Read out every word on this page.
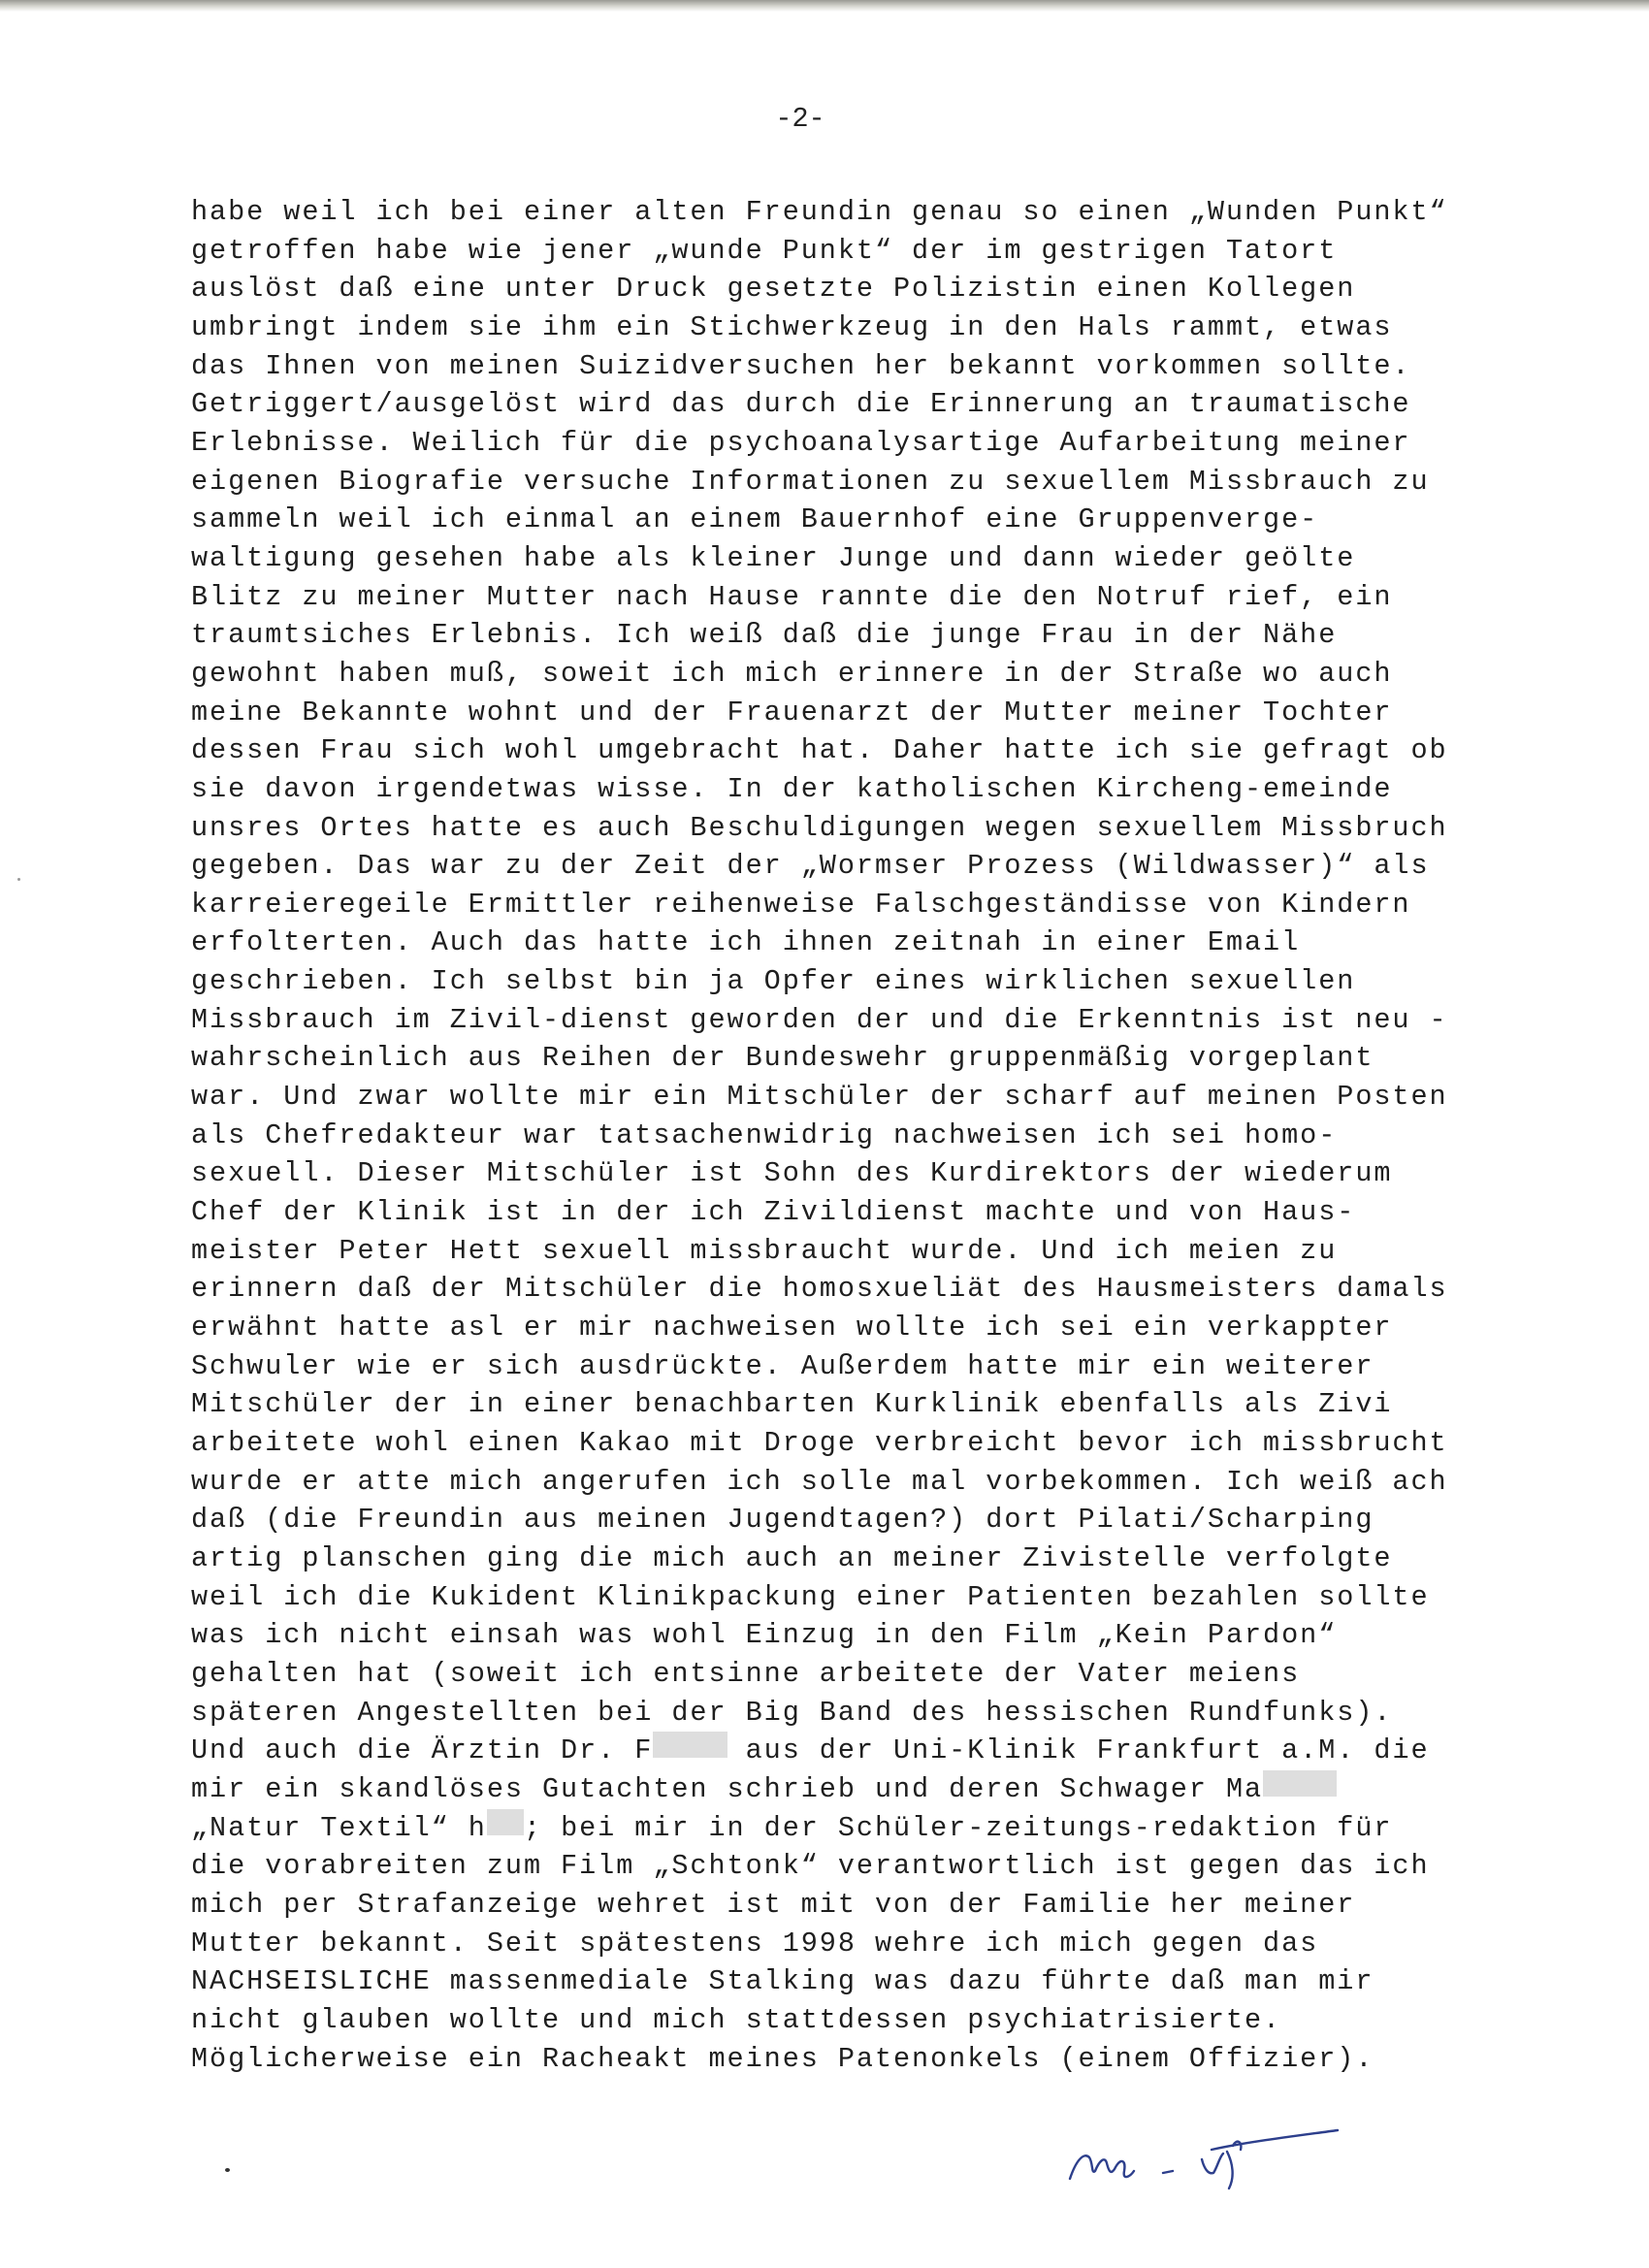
-2-
habe weil ich bei einer alten Freundin genau so einen „Wunden Punkt“
getroffen habe wie jener „wunde Punkt“ der im gestrigen Tatort
auslöst daß eine unter Druck gesetzte Polizistin einen Kollegen
umbringt indem sie ihm ein Stichwerkzeug in den Hals rammt, etwas
das Ihnen von meinen Suizidversuchen her bekannt vorkommen sollte.
Getriggert/ausgelöst wird das durch die Erinnerung an traumatische
Erlebnisse. Weilich für die psychoanalysartige Aufarbeitung meiner
eigenen Biografie versuche Informationen zu sexuellem Missbrauch zu
sammeln weil ich einmal an einem Bauernhof eine Gruppenverge-
waltigung gesehen habe als kleiner Junge und dann wieder geölte
Blitz zu meiner Mutter nach Hause rannte die den Notruf rief, ein
traumtsiches Erlebnis. Ich weiß daß die junge Frau in der Nähe
gewohnt haben muß, soweit ich mich erinnere in der Straße wo auch
meine Bekannte wohnt und der Frauenarzt der Mutter meiner Tochter
dessen Frau sich wohl umgebracht hat. Daher hatte ich sie gefragt ob
sie davon irgendetwas wisse. In der katholischen Kircheng-emeinde
unsres Ortes hatte es auch Beschuldigungen wegen sexuellem Missbruch
gegeben. Das war zu der Zeit der „Wormser Prozess (Wildwasser)“ als
karreieregeile Ermittler reihenweise Falschgeständisse von Kindern
erfolterten. Auch das hatte ich ihnen zeitnah in einer Email
geschrieben. Ich selbst bin ja Opfer eines wirklichen sexuellen
Missbrauch im Zivil-dienst geworden der und die Erkenntnis ist neu -
wahrscheinlich aus Reihen der Bundeswehr gruppenmäßig vorgeplant
war. Und zwar wollte mir ein Mitschüler der scharf auf meinen Posten
als Chefredakteur war tatsachenwidrig nachweisen ich sei homo-
sexuell. Dieser Mitschüler ist Sohn des Kurdirektors der wiederum
Chef der Klinik ist in der ich Zivildienst machte und von Haus-
meister Peter Hett sexuell missbraucht wurde. Und ich meien zu
erinnern daß der Mitschüler die homosxueliät des Hausmeisters damals
erwähnt hatte asl er mir nachweisen wollte ich sei ein verkappter
Schwuler wie er sich ausdrückte. Außerdem hatte mir ein weiterer
Mitschüler der in einer benachbarten Kurklinik ebenfalls als Zivi
arbeitete wohl einen Kakao mit Droge verbreicht bevor ich missbrucht
wurde er atte mich angerufen ich solle mal vorbekommen. Ich weiß ach
daß (die Freundin aus meinen Jugendtagen?) dort Pilati/Scharping
artig planschen ging die mich auch an meiner Zivistelle verfolgte
weil ich die Kukident Klinikpackung einer Patienten bezahlen sollte
was ich nicht einsah was wohl Einzug in den Film „Kein Pardon“
gehalten hat (soweit ich entsinne arbeitete der Vater meiens
späteren Angestellten bei der Big Band des hessischen Rundfunks).
Und auch die Ärztin Dr. F	aus der Uni-Klinik Frankfurt a.M. die
mir ein skandlöses Gutachten schrieb und deren Schwager Ma
„Natur Textil“ h ; bei mir in der Schüler-zeitungs-redaktion für
die vorabreiten zum Film „Schtonk“ verantwortlich ist gegen das ich
mich per Strafanzeige wehret ist mit von der Familie her meiner
Mutter bekannt. Seit spätestens 1998 wehre ich mich gegen das
NACHSEISLICHE massenmediale Stalking was dazu führte daß man mir
nicht glauben wollte und mich stattdessen psychiatrisierte.
Möglicherweise ein Racheakt meines Patenonkels (einem Offizier).
